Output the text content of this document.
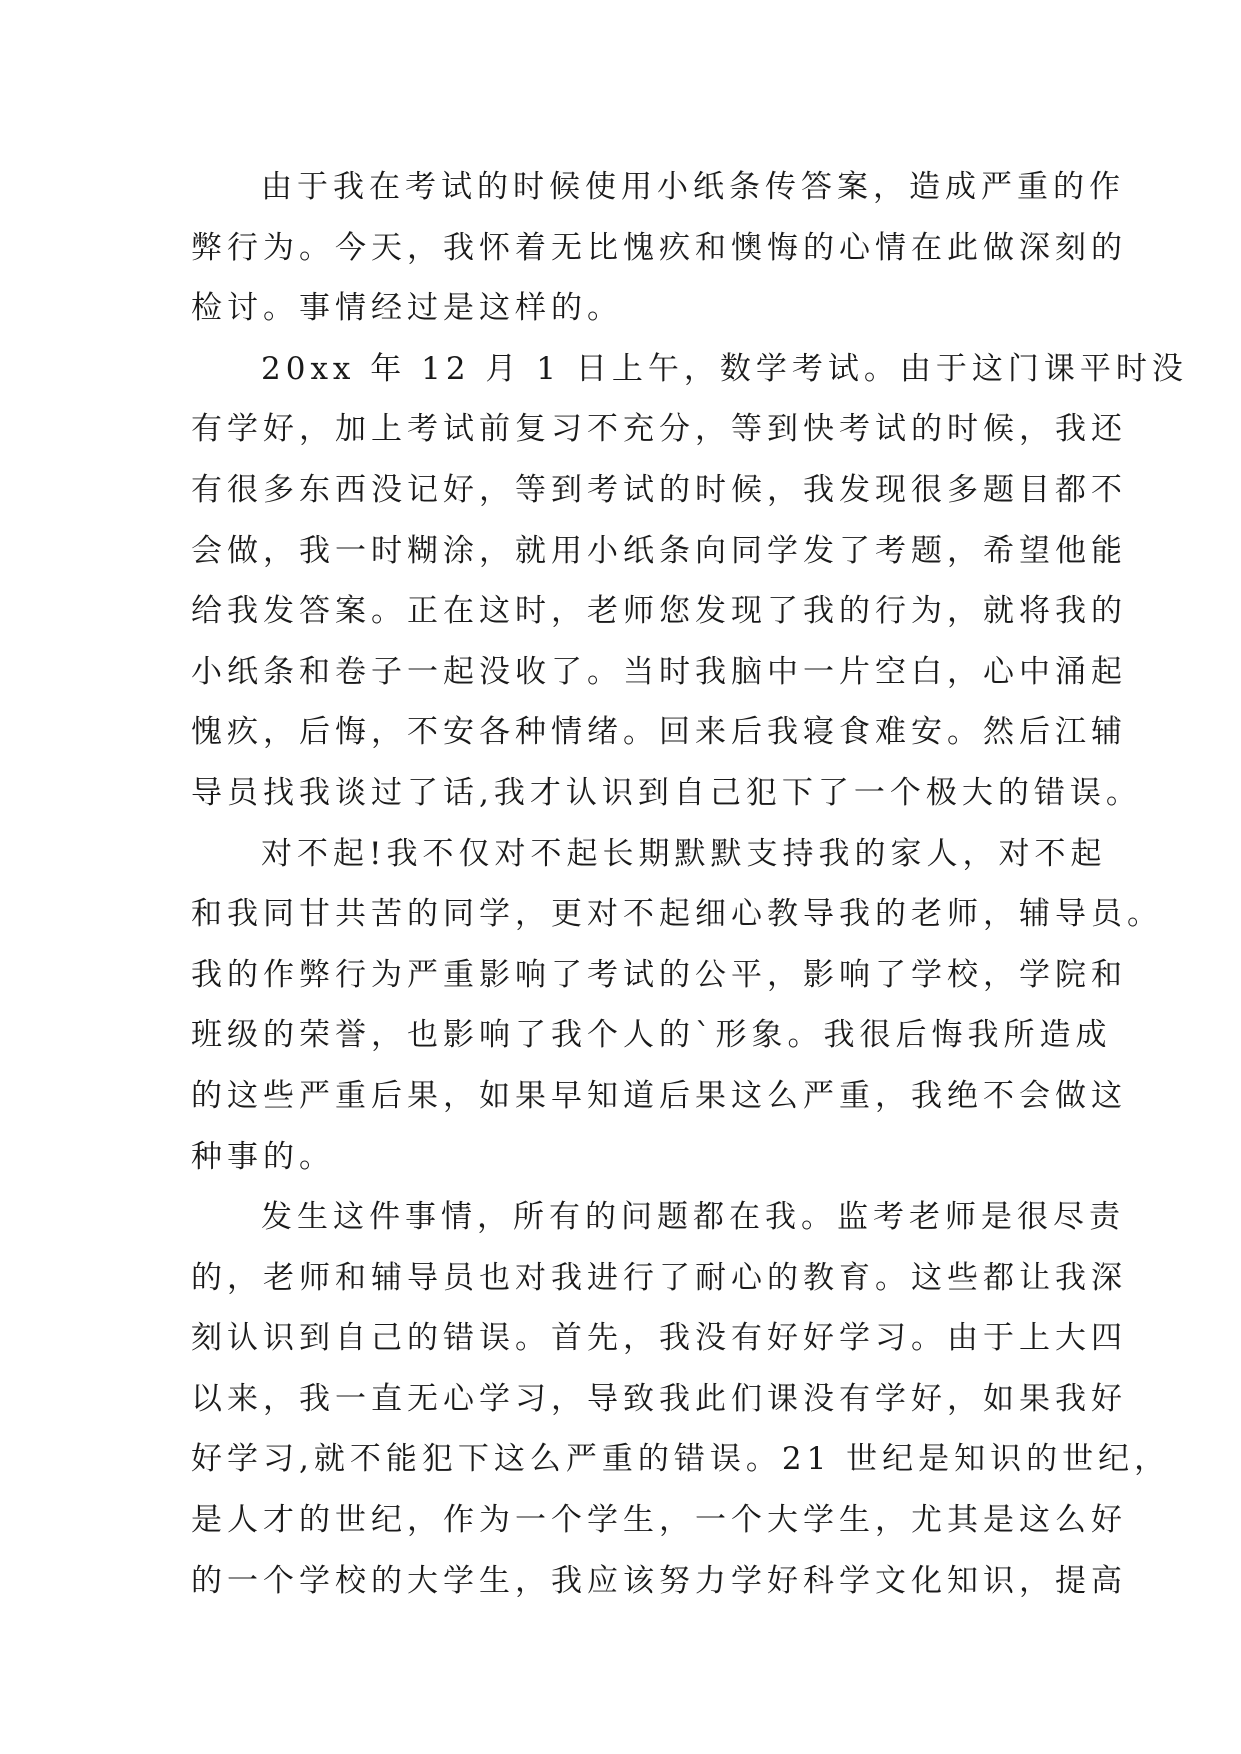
由于我在考试的时候使用小纸条传答案，造成严重的作
弊行为。今天，我怀着无比愧疚和懊悔的心情在此做深刻的
检讨。事情经过是这样的。
20xx 年 12 月 1 日上午，数学考试。由于这门课平时没
有学好，加上考试前复习不充分，等到快考试的时候，我还
有很多东西没记好，等到考试的时候，我发现很多题目都不
会做，我一时糊涂，就用小纸条向同学发了考题，希望他能
给我发答案。正在这时，老师您发现了我的行为，就将我的
小纸条和卷子一起没收了。当时我脑中一片空白，心中涌起
愧疚，后悔，不安各种情绪。回来后我寝食难安。然后江辅
导员找我谈过了话,我才认识到自己犯下了一个极大的错误。
对不起!我不仅对不起长期默默支持我的家人，对不起
和我同甘共苦的同学，更对不起细心教导我的老师，辅导员。
我的作弊行为严重影响了考试的公平，影响了学校，学院和
班级的荣誉，也影响了我个人的`形象。我很后悔我所造成
的这些严重后果，如果早知道后果这么严重，我绝不会做这
种事的。
发生这件事情，所有的问题都在我。监考老师是很尽责
的，老师和辅导员也对我进行了耐心的教育。这些都让我深
刻认识到自己的错误。首先，我没有好好学习。由于上大四
以来，我一直无心学习，导致我此们课没有学好，如果我好
好学习,就不能犯下这么严重的错误。21 世纪是知识的世纪，
是人才的世纪，作为一个学生，一个大学生，尤其是这么好
的一个学校的大学生，我应该努力学好科学文化知识，提高
